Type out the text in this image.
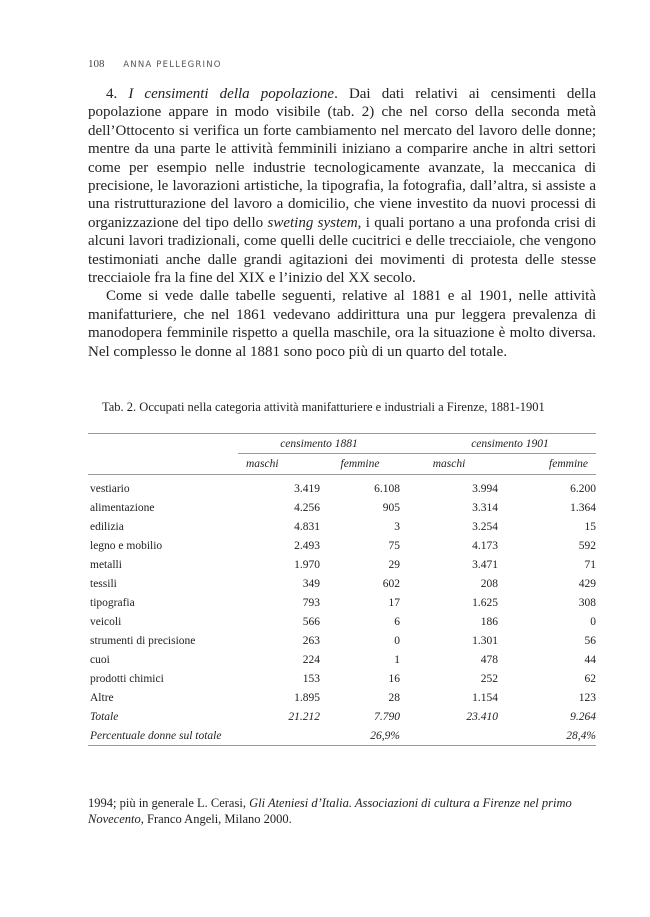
108 ANNA PELLEGRINO

4. I censimenti della popolazione. Dai dati relativi ai censimenti della popolazione appare in modo visibile (tab. 2) che nel corso della seconda metà dell’Ottocento si verifica un forte cambiamento nel mercato del lavoro delle donne; mentre da una parte le attività femminili iniziano a comparire anche in altri settori come per esempio nelle industrie tecnologicamente avanzate, la meccanica di precisione, le lavorazioni artistiche, la tipografia, la fotografia, dall’altra, si assiste a una ristrutturazione del lavoro a domicilio, che viene investito da nuovi processi di organizzazione del tipo dello sweting system, i quali portano a una profonda crisi di alcuni lavori tradizionali, come quelli delle cucitrici e delle trecciaiole, che vengono testimoniati anche dalle grandi agitazioni dei movimenti di protesta delle stesse trecciaiole fra la fine del XIX e l’inizio del XX secolo.

Come si vede dalle tabelle seguenti, relative al 1881 e al 1901, nelle attività manifatturiere, che nel 1861 vedevano addirittura una pur leggera prevalenza di manodopera femminile rispetto a quella maschile, ora la situazione è molto diversa. Nel complesso le donne al 1881 sono poco più di un quarto del totale.

Tab. 2. Occupati nella categoria attività manifatturiere e industriali a Firenze, 1881-1901
	censimento 1881		censimento 1901	
	maschi	femmine	maschi	femmine
vestiario	3.419	6.108	3.994	6.200
alimentazione	4.256	905	3.314	1.364
edilizia	4.831	3	3.254	15
legno e mobilio	2.493	75	4.173	592
metalli	1.970	29	3.471	71
tessili	349	602	208	429
tipografia	793	17	1.625	308
veicoli	566	6	186	0
strumenti di precisione	263	0	1.301	56
cuoi	224	1	478	44
prodotti chimici	153	16	252	62
Altre	1.895	28	1.154	123
Totale	21.212	7.790	23.410	9.264
Percentuale donne sul totale		26,9%		28,4%
1994; più in generale L. Cerasi, Gli Ateniesi d’Italia. Associazioni di cultura a Firenze nel primo Novecento, Franco Angeli, Milano 2000.
